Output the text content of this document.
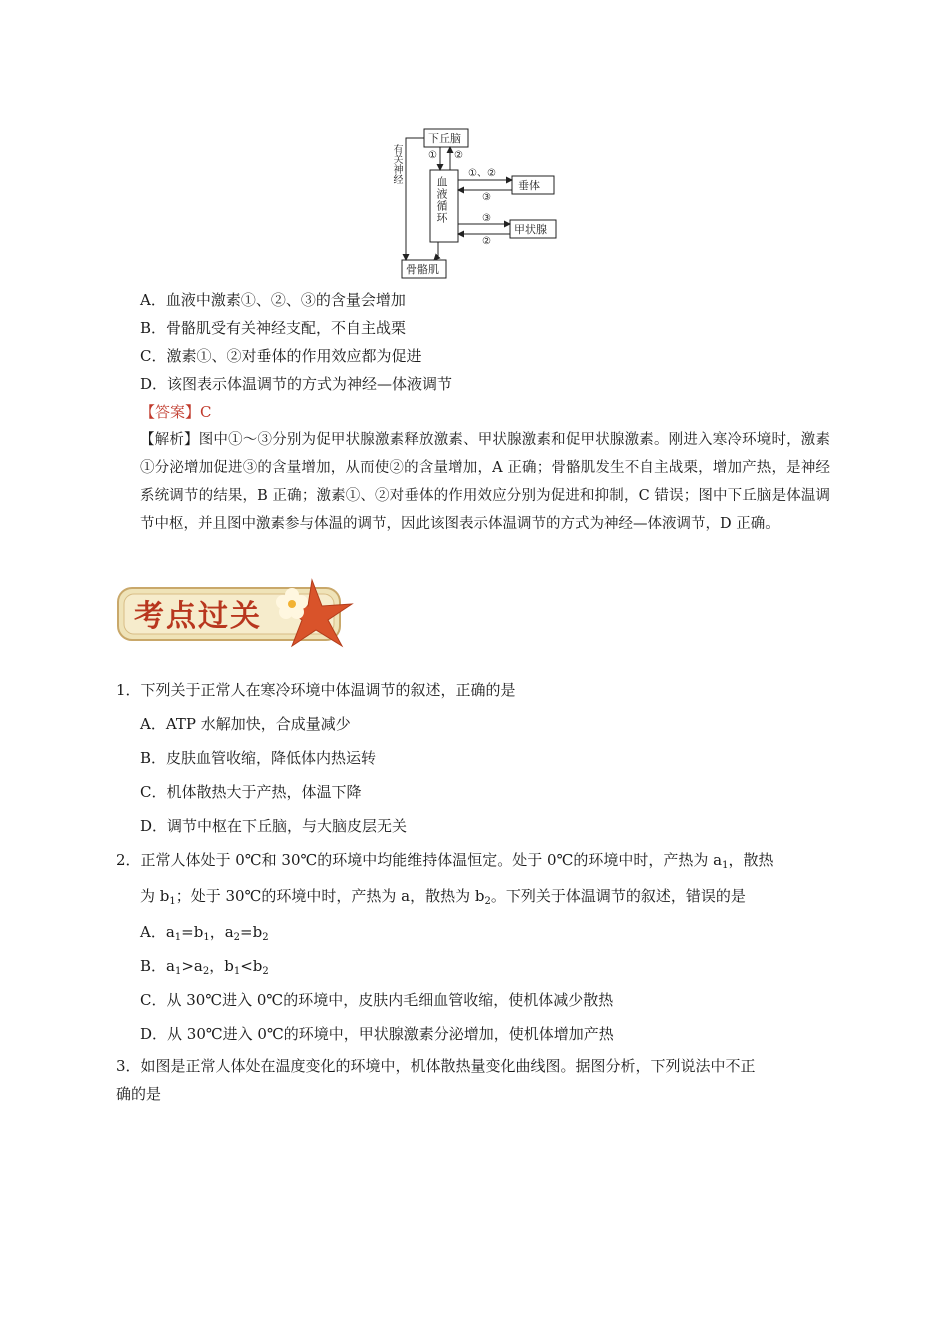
下丘脑
垂体
甲状腺
骨骼肌
① ②
①、②
③
③
②
血液循环
有关神经
A．血液中激素①、②、③的含量会增加
B．骨骼肌受有关神经支配，不自主战栗
C．激素①、②对垂体的作用效应都为促进
D．该图表示体温调节的方式为神经—体液调节
【答案】C
【解析】图中①～③分别为促甲状腺激素释放激素、甲状腺激素和促甲状腺激素。刚进入寒冷环境时，激素①分泌增加促进③的含量增加，从而使②的含量增加，A 正确；骨骼肌发生不自主战栗，增加产热，是神经系统调节的结果，B 正确；激素①、②对垂体的作用效应分别为促进和抑制，C 错误；图中下丘脑是体温调节中枢，并且图中激素参与体温的调节，因此该图表示体温调节的方式为神经—体液调节，D 正确。
考点过关
1．下列关于正常人在寒冷环境中体温调节的叙述，正确的是
A．ATP 水解加快，合成量减少
B．皮肤血管收缩，降低体内热运转
C．机体散热大于产热，体温下降
D．调节中枢在下丘脑，与大脑皮层无关
2．正常人体处于 0℃和 30℃的环境中均能维持体温恒定。处于 0℃的环境中时，产热为 $a_1$，散热
为 $b_1$；处于 30℃的环境中时，产热为 a，散热为 $b_2$。下列关于体温调节的叙述，错误的是
A．$a_1=b_1$，$a_2=b_2$
B．$a_1>a_2$，$b_1<b_2$
C．从 30℃进入 0℃的环境中，皮肤内毛细血管收缩，使机体减少散热
D．从 30℃进入 0℃的环境中，甲状腺激素分泌增加，使机体增加产热
3．如图是正常人体处在温度变化的环境中，机体散热量变化曲线图。据图分析，下列说法中不正
确的是
